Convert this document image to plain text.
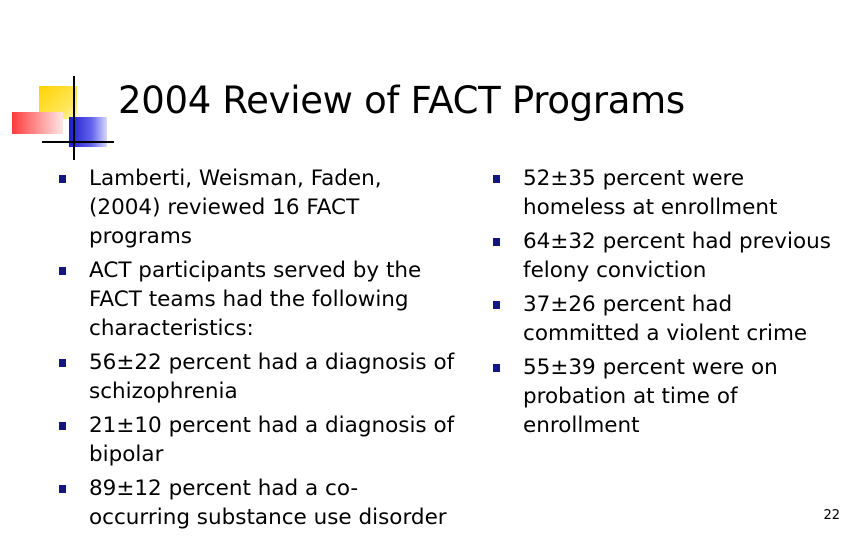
2004 Review of FACT Programs
Lamberti, Weisman, Faden, (2004) reviewed 16 FACT programs
ACT participants served by the FACT teams had the following characteristics:
56±22 percent had a diagnosis of schizophrenia
21±10 percent had a diagnosis of bipolar
89±12 percent had a co-occurring substance use disorder
52±35 percent were homeless at enrollment
64±32 percent had previous felony conviction
37±26 percent had committed a violent crime
55±39 percent were on probation at time of enrollment
22
